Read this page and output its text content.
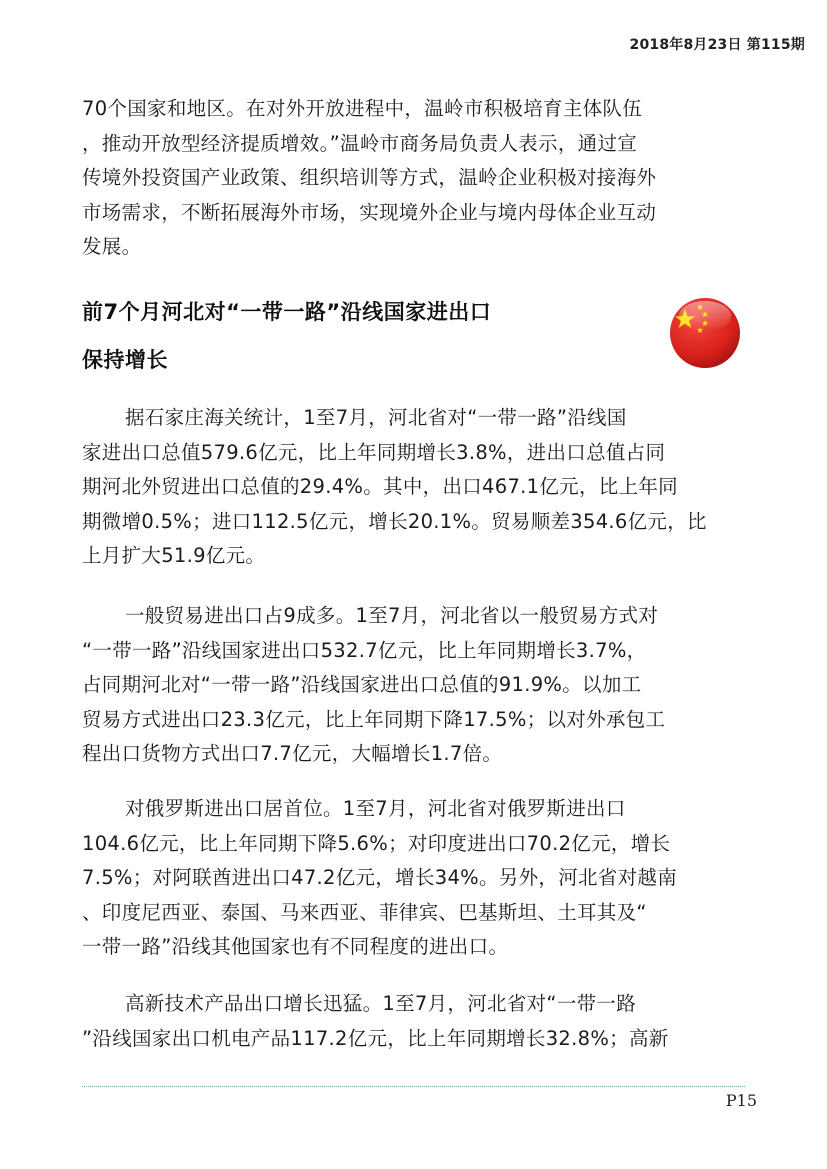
2018年8月23日 第115期

70个国家和地区。在对外开放进程中，温岭市积极培育主体队伍
，推动开放型经济提质增效。”温岭市商务局负责人表示，通过宣
传境外投资国产业政策、组织培训等方式，温岭企业积极对接海外
市场需求，不断拓展海外市场，实现境外企业与境内母体企业互动
发展。

前7个月河北对“一带一路”沿线国家进出口
保持增长

据石家庄海关统计，1至7月，河北省对“一带一路”沿线国
家进出口总值579.6亿元，比上年同期增长3.8%，进出口总值占同
期河北外贸进出口总值的29.4%。其中，出口467.1亿元，比上年同
期微增0.5%；进口112.5亿元，增长20.1%。贸易顺差354.6亿元，比
上月扩大51.9亿元。

一般贸易进出口占9成多。1至7月，河北省以一般贸易方式对
“一带一路”沿线国家进出口532.7亿元，比上年同期增长3.7%，
占同期河北对“一带一路”沿线国家进出口总值的91.9%。以加工
贸易方式进出口23.3亿元，比上年同期下降17.5%；以对外承包工
程出口货物方式出口7.7亿元，大幅增长1.7倍。

对俄罗斯进出口居首位。1至7月，河北省对俄罗斯进出口
104.6亿元，比上年同期下降5.6%；对印度进出口70.2亿元，增长
7.5%；对阿联酋进出口47.2亿元，增长34%。另外，河北省对越南
、印度尼西亚、泰国、马来西亚、菲律宾、巴基斯坦、土耳其及“
一带一路”沿线其他国家也有不同程度的进出口。

高新技术产品出口增长迅猛。1至7月，河北省对“一带一路
”沿线国家出口机电产品117.2亿元，比上年同期增长32.8%；高新

P15
